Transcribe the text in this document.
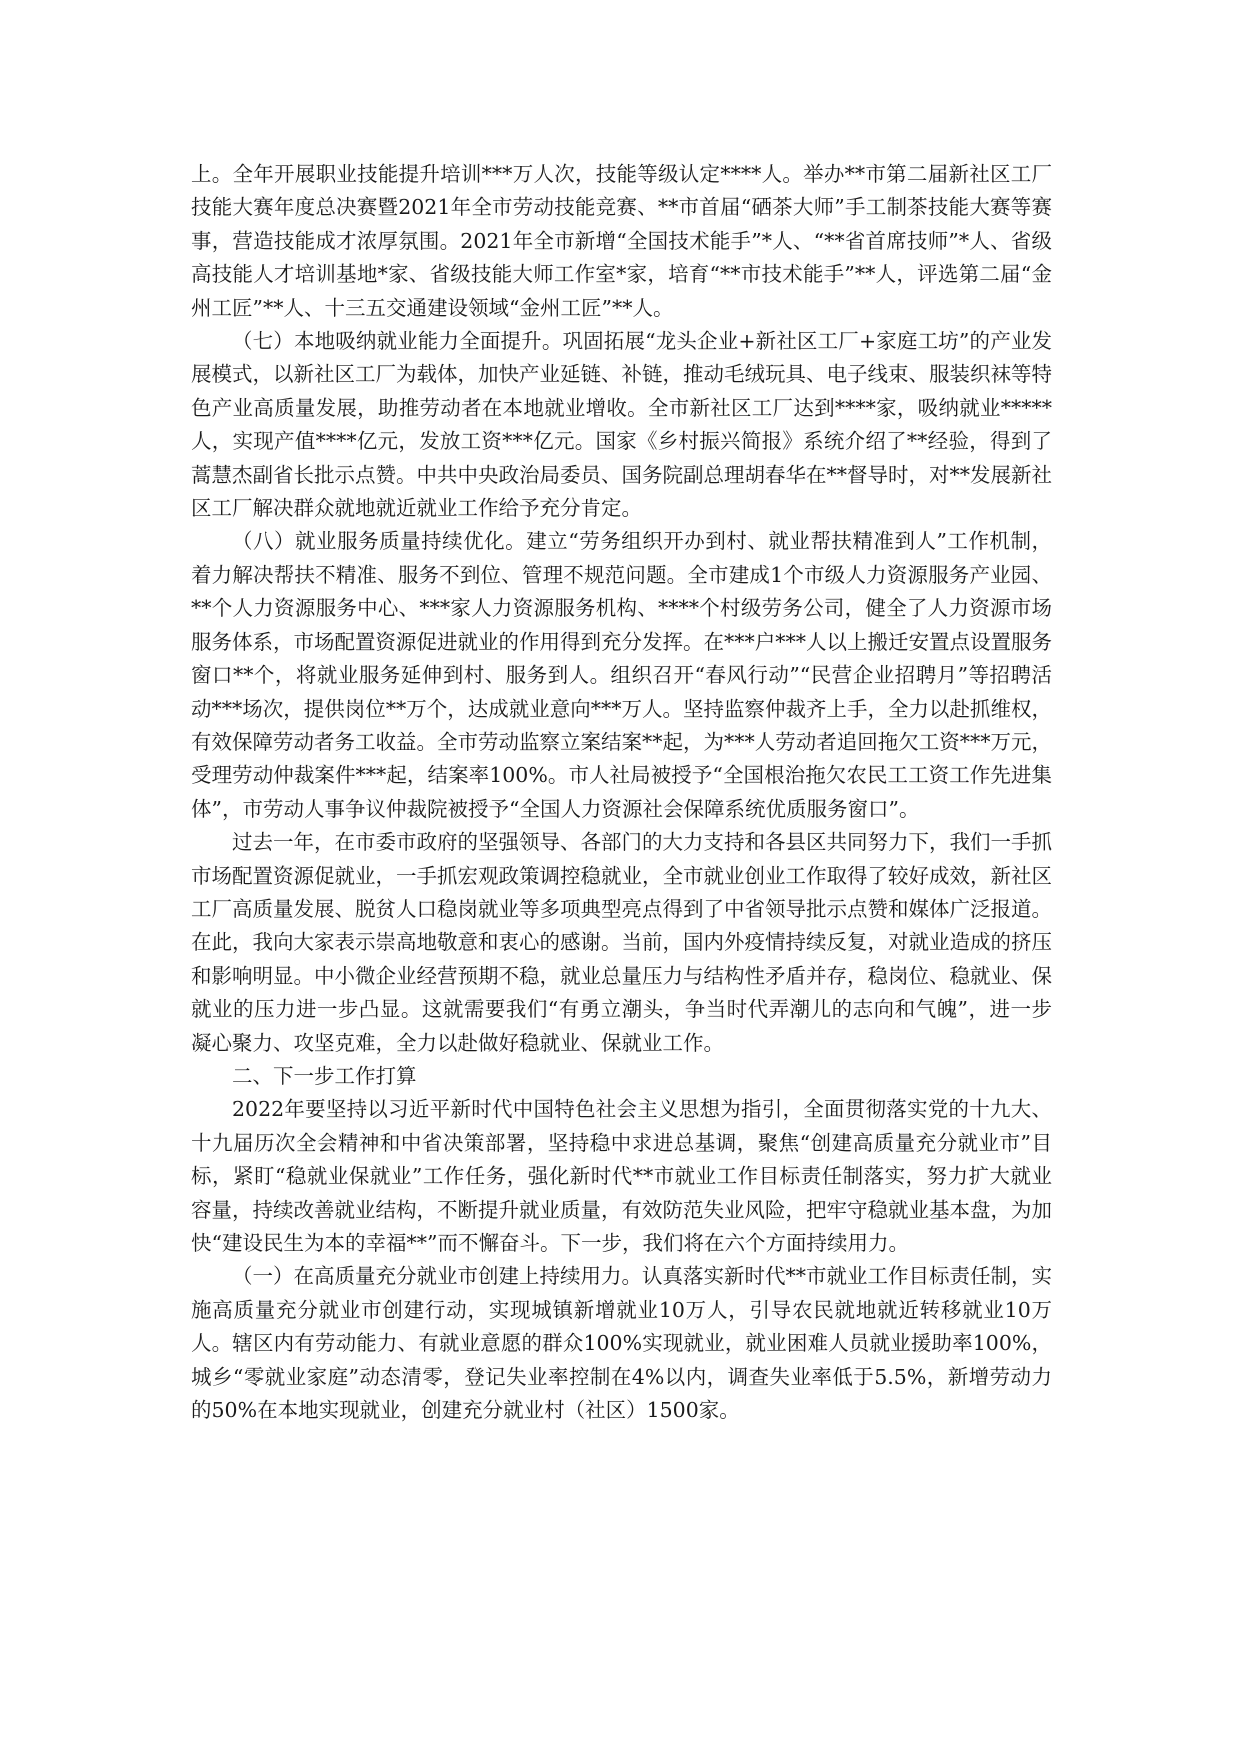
上。全年开展职业技能提升培训***万人次，技能等级认定****人。举办**市第二届新社区工厂技能大赛年度总决赛暨2021年全市劳动技能竞赛、**市首届“硒茶大师”手工制茶技能大赛等赛事，营造技能成才浓厚氛围。2021年全市新增“全国技术能手”*人、“**省首席技师”*人、省级高技能人才培训基地*家、省级技能大师工作室*家，培育“**市技术能手”**人，评选第二届“金州工匠”**人、十三五交通建设领域“金州工匠”**人。

（七）本地吸纳就业能力全面提升。巩固拓展“龙头企业+新社区工厂+家庭工坊”的产业发展模式，以新社区工厂为载体，加快产业延链、补链，推动毛绒玩具、电子线束、服装织袜等特色产业高质量发展，助推劳动者在本地就业增收。全市新社区工厂达到****家，吸纳就业*****人，实现产值****亿元，发放工资***亿元。国家《乡村振兴简报》系统介绍了**经验，得到了蒿慧杰副省长批示点赞。中共中央政治局委员、国务院副总理胡春华在**督导时，对**发展新社区工厂解决群众就地就近就业工作给予充分肯定。

（八）就业服务质量持续优化。建立“劳务组织开办到村、就业帮扶精准到人”工作机制，着力解决帮扶不精准、服务不到位、管理不规范问题。全市建成1个市级人力资源服务产业园、**个人力资源服务中心、***家人力资源服务机构、****个村级劳务公司，健全了人力资源市场服务体系，市场配置资源促进就业的作用得到充分发挥。在***户***人以上搬迁安置点设置服务窗口**个，将就业服务延伸到村、服务到人。组织召开“春风行动”“民营企业招聘月”等招聘活动***场次，提供岗位**万个，达成就业意向***万人。坚持监察仲裁齐上手，全力以赴抓维权，有效保障劳动者务工收益。全市劳动监察立案结案**起，为***人劳动者追回拖欠工资***万元，受理劳动仲裁案件***起，结案率100%。市人社局被授予“全国根治拖欠农民工工资工作先进集体”，市劳动人事争议仲裁院被授予“全国人力资源社会保障系统优质服务窗口”。

过去一年，在市委市政府的坚强领导、各部门的大力支持和各县区共同努力下，我们一手抓市场配置资源促就业，一手抓宏观政策调控稳就业，全市就业创业工作取得了较好成效，新社区工厂高质量发展、脱贫人口稳岗就业等多项典型亮点得到了中省领导批示点赞和媒体广泛报道。在此，我向大家表示崇高地敬意和衷心的感谢。当前，国内外疫情持续反复，对就业造成的挤压和影响明显。中小微企业经营预期不稳，就业总量压力与结构性矛盾并存，稳岗位、稳就业、保就业的压力进一步凸显。这就需要我们“有勇立潮头，争当时代弄潮儿的志向和气魄”，进一步凝心聚力、攻坚克难，全力以赴做好稳就业、保就业工作。

二、下一步工作打算

2022年要坚持以习近平新时代中国特色社会主义思想为指引，全面贯彻落实党的十九大、十九届历次全会精神和中省决策部署，坚持稳中求进总基调，聚焦“创建高质量充分就业市”目标，紧盯“稳就业保就业”工作任务，强化新时代**市就业工作目标责任制落实，努力扩大就业容量，持续改善就业结构，不断提升就业质量，有效防范失业风险，把牢守稳就业基本盘，为加快“建设民生为本的幸福**”而不懈奋斗。下一步，我们将在六个方面持续用力。

（一）在高质量充分就业市创建上持续用力。认真落实新时代**市就业工作目标责任制，实施高质量充分就业市创建行动，实现城镇新增就业10万人，引导农民就地就近转移就业10万人。辖区内有劳动能力、有就业意愿的群众100%实现就业，就业困难人员就业援助率100%，城乡“零就业家庭”动态清零，登记失业率控制在4%以内，调查失业率低于5.5%，新增劳动力的50%在本地实现就业，创建充分就业村（社区）1500家。
